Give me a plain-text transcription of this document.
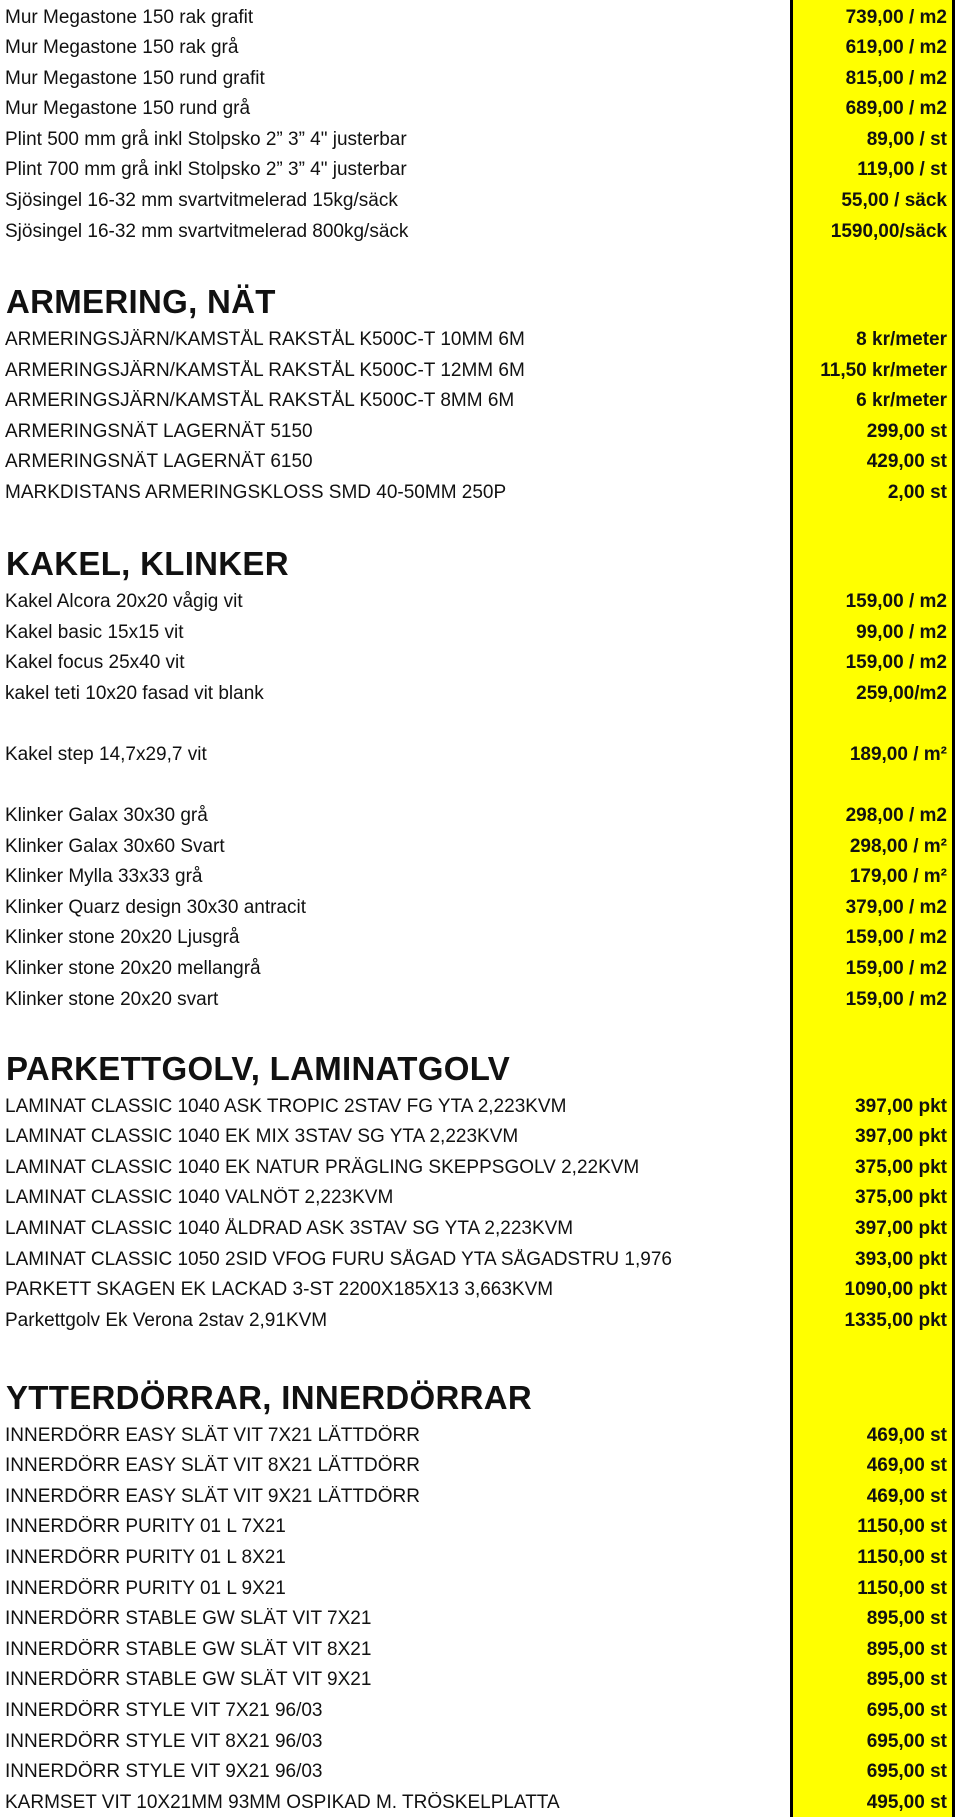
Mur Megastone 150 rak grafit	739,00 / m2
Mur Megastone 150 rak grå	619,00 / m2
Mur Megastone 150 rund grafit	815,00 / m2
Mur Megastone 150 rund grå	689,00 / m2
Plint 500 mm grå inkl Stolpsko 2” 3” 4" justerbar	89,00 / st
Plint 700 mm grå inkl Stolpsko 2” 3” 4" justerbar	119,00 / st
Sjösingel 16-32 mm svartvitmelerad 15kg/säck	55,00 / säck
Sjösingel 16-32 mm svartvitmelerad 800kg/säck	1590,00/säck
ARMERING, NÄT
ARMERINGSJÄRN/KAMSTÅL RAKSTÅL K500C-T 10MM 6M	8 kr/meter
ARMERINGSJÄRN/KAMSTÅL RAKSTÅL K500C-T 12MM 6M	11,50 kr/meter
ARMERINGSJÄRN/KAMSTÅL RAKSTÅL K500C-T 8MM 6M	6 kr/meter
ARMERINGSNÄT LAGERNÄT 5150	299,00 st
ARMERINGSNÄT LAGERNÄT 6150	429,00 st
MARKDISTANS ARMERINGSKLOSS SMD 40-50MM 250P	2,00 st
KAKEL, KLINKER
Kakel Alcora 20x20 vågig vit	159,00 / m2
Kakel basic 15x15 vit	99,00 / m2
Kakel focus 25x40 vit	159,00 / m2
kakel teti 10x20 fasad vit blank	259,00/m2
Kakel step 14,7x29,7 vit	189,00 / m²
Klinker Galax 30x30 grå	298,00 / m2
Klinker Galax 30x60 Svart	298,00 / m²
Klinker Mylla 33x33 grå	179,00 / m²
Klinker Quarz design 30x30 antracit	379,00 / m2
Klinker stone 20x20 Ljusgrå	159,00 / m2
Klinker stone 20x20 mellangrå	159,00 / m2
Klinker stone 20x20 svart	159,00 / m2
PARKETTGOLV, LAMINATGOLV
LAMINAT CLASSIC 1040 ASK TROPIC 2STAV FG YTA 2,223KVM	397,00 pkt
LAMINAT CLASSIC 1040 EK MIX 3STAV SG YTA 2,223KVM	397,00 pkt
LAMINAT CLASSIC 1040 EK NATUR PRÄGLING SKEPPSGOLV 2,22KVM	375,00 pkt
LAMINAT CLASSIC 1040 VALNÖT 2,223KVM	375,00 pkt
LAMINAT CLASSIC 1040 ÅLDRAD ASK 3STAV SG YTA 2,223KVM	397,00 pkt
LAMINAT CLASSIC 1050 2SID VFOG FURU SÅGAD YTA SÅGADSTRU 1,976	393,00 pkt
PARKETT SKAGEN EK LACKAD 3-ST 2200X185X13 3,663KVM	1090,00 pkt
Parkettgolv Ek Verona 2stav 2,91KVM	1335,00 pkt
YTTERDÖRRAR, INNERDÖRRAR
INNERDÖRR EASY SLÄT VIT 7X21 LÄTTDÖRR	469,00 st
INNERDÖRR EASY SLÄT VIT 8X21 LÄTTDÖRR	469,00 st
INNERDÖRR EASY SLÄT VIT 9X21 LÄTTDÖRR	469,00 st
INNERDÖRR PURITY 01 L 7X21	1150,00 st
INNERDÖRR PURITY 01 L 8X21	1150,00 st
INNERDÖRR PURITY 01 L 9X21	1150,00 st
INNERDÖRR STABLE GW SLÄT VIT 7X21	895,00 st
INNERDÖRR STABLE GW SLÄT VIT 8X21	895,00 st
INNERDÖRR STABLE GW SLÄT VIT 9X21	895,00 st
INNERDÖRR STYLE VIT 7X21 96/03	695,00 st
INNERDÖRR STYLE VIT 8X21 96/03	695,00 st
INNERDÖRR STYLE VIT 9X21 96/03	695,00 st
KARMSET VIT 10X21MM 93MM OSPIKAD M. TRÖSKELPLATTA	495,00 st
